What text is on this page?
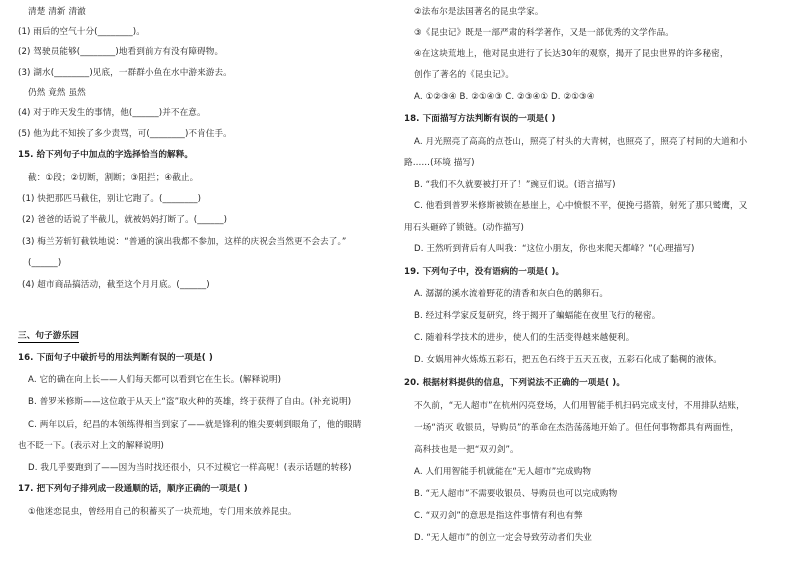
清楚 清新 清澈
(1) 雨后的空气十分(________)。
(2) 驾驶员能够(________)地看到前方有没有障碍物。
(3) 湖水(________)见底，一群群小鱼在水中游来游去。
仍然 竟然 虽然
(4) 对于昨天发生的事情，他(______)并不在意。
(5) 他为此不知挨了多少责骂，可(________)不肯住手。
15. 给下列句子中加点的字选择恰当的解释。
截：①段；②切断，割断；③阻拦；④截止。
(1) 快把那匹马截住，别让它跑了。(________)
(2) 爸爸的话说了半截儿，就被妈妈打断了。(______)
(3) 梅兰芳斩钉截铁地说：“普通的演出我都不参加，这样的庆祝会当然更不会去了。”
(______)
(4) 超市商品搞活动，截至这个月月底。(______)
三、句子游乐园
16. 下面句子中破折号的用法判断有误的一项是( )
A. 它的确在向上长——人们每天都可以看到它在生长。(解释说明)
B. 普罗米修斯——这位敢于从天上“盗”取火种的英雄，终于获得了自由。(补充说明)
C. 两年以后，纪昌的本领练得相当到家了——就是锋利的锥尖要刺到眼角了，他的眼睛
也不眨一下。(表示对上文的解释说明)
D. 我几乎要跑到了——因为当时找还很小，只不过模它一样高呢！(表示话题的转移)
17. 把下列句子排列成一段通顺的话，顺序正确的一项是( )
①他迷恋昆虫，曾经用自己的积蓄买了一块荒地，专门用来放养昆虫。
②法布尔是法国著名的昆虫学家。
③《昆虫记》既是一部严肃的科学著作，又是一部优秀的文学作品。
④在这块荒地上，他对昆虫进行了长达30年的观察，揭开了昆虫世界的许多秘密，
创作了著名的《昆虫记》。
A. ①②③④ B. ②①④③ C. ②③④① D. ②①③④
18. 下面描写方法判断有误的一项是( )
A. 月光照亮了高高的点苍山，照亮了村头的大青树，也照亮了，照亮了村间的大道和小
路……(环境 描写)
B. “我们不久就要被打开了！”豌豆们说。(语言描写)
C. 他看到普罗米修斯被锁在悬崖上，心中愤恨不平，便挽弓搭箭，射死了那只鹫鹰，又
用石头砸碎了锁链。(动作描写)
D. 王然听到背后有人叫我：“这位小朋友，你也来爬天都峰？”(心理描写)
19. 下列句子中，没有语病的一项是( )。
A. 潺潺的溪水流着野花的清香和灰白色的鹅卵石。
B. 经过科学家反复研究，终于揭开了蝙蝠能在夜里飞行的秘密。
C. 随着科学技术的进步，使人们的生活变得越来越便利。
D. 女娲用神火炼炼五彩石，把五色石终于五天五夜，五彩石化成了黏稠的液体。
20. 根据材料提供的信息，下列说法不正确的一项是( )。
不久前，“无人超市”在杭州闪亮登场，人们用智能手机扫码完成支付，不用排队结账，
一场“消灭 收银员，导购员”的革命在杰浩荡荡地开始了。但任何事物都具有两面性，
高科技也是一把“双刃剑”。
A. 人们用智能手机就能在“无人超市”完成购物
B. “无人超市”不需要收银员、导购员也可以完成购物
C. “双刃剑”的意思是指这件事情有利也有弊
D. “无人超市”的创立一定会导致劳动者们失业
